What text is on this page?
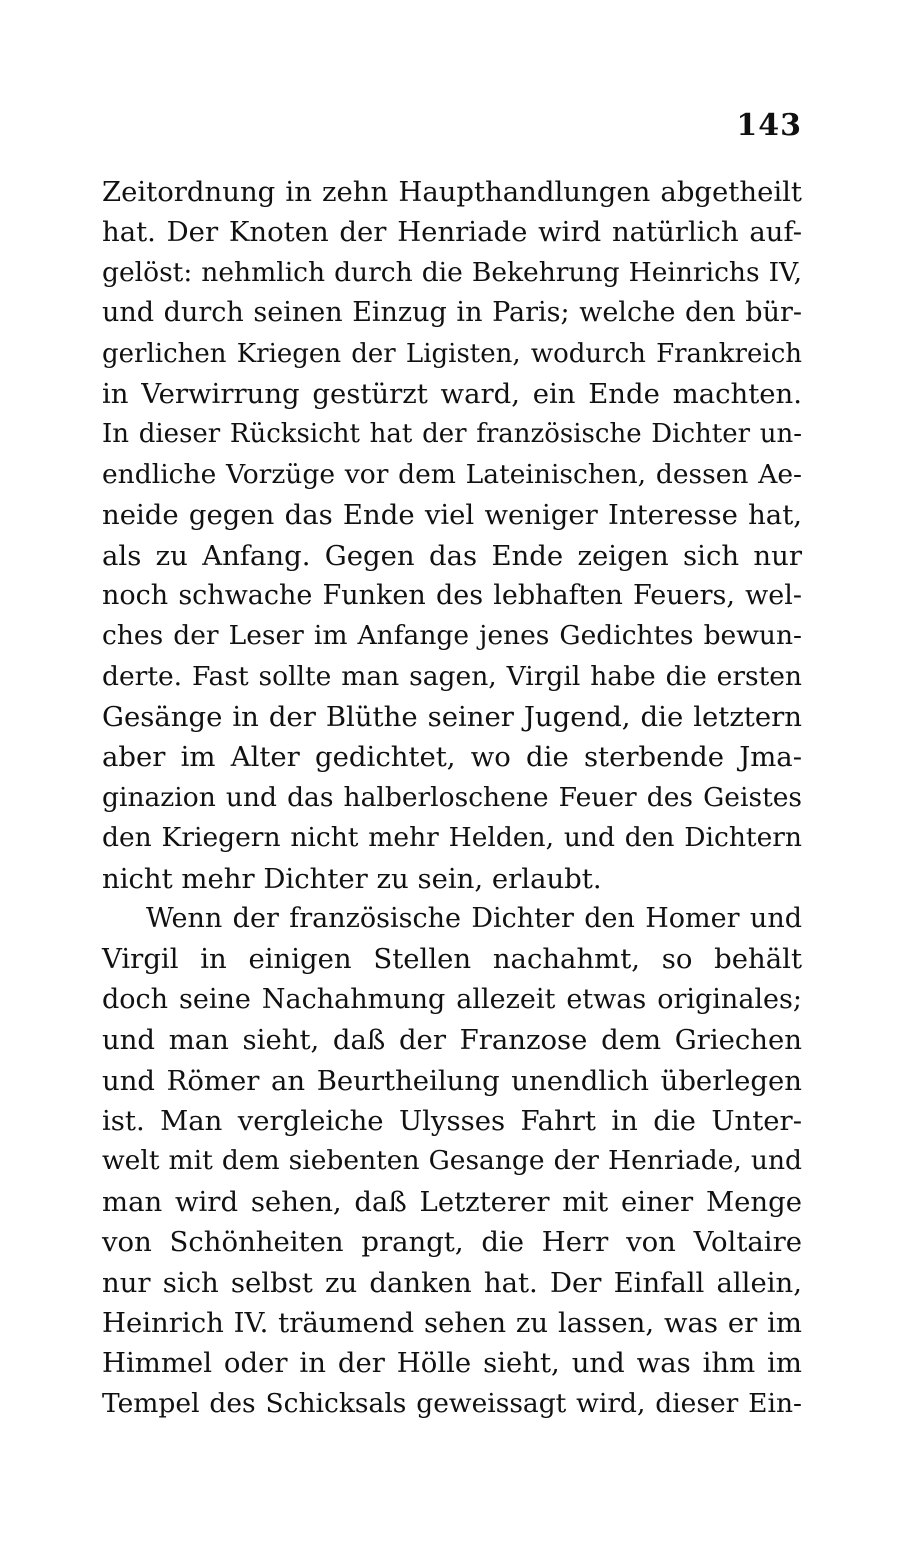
143
Zeitordnung in zehn Haupthandlungen abgetheilt
hat. Der Knoten der Henriade wird natürlich auf-
gelöst: nehmlich durch die Bekehrung Heinrichs IV,
und durch seinen Einzug in Paris; welche den bür-
gerlichen Kriegen der Ligisten, wodurch Frankreich
in Verwirrung gestürzt ward, ein Ende machten.
In dieser Rücksicht hat der französische Dichter un-
endliche Vorzüge vor dem Lateinischen, dessen Ae-
neide gegen das Ende viel weniger Interesse hat,
als zu Anfang. Gegen das Ende zeigen sich nur
noch schwache Funken des lebhaften Feuers, wel-
ches der Leser im Anfange jenes Gedichtes bewun-
derte. Fast sollte man sagen, Virgil habe die ersten
Gesänge in der Blüthe seiner Jugend, die letztern
aber im Alter gedichtet, wo die sterbende Jma-
ginazion und das halberloschene Feuer des Geistes
den Kriegern nicht mehr Helden, und den Dichtern
nicht mehr Dichter zu sein, erlaubt.
Wenn der französische Dichter den Homer und
Virgil in einigen Stellen nachahmt, so behält
doch seine Nachahmung allezeit etwas originales;
und man sieht, daß der Franzose dem Griechen
und Römer an Beurtheilung unendlich überlegen
ist. Man vergleiche Ulysses Fahrt in die Unter-
welt mit dem siebenten Gesange der Henriade, und
man wird sehen, daß Letzterer mit einer Menge
von Schönheiten prangt, die Herr von Voltaire
nur sich selbst zu danken hat. Der Einfall allein,
Heinrich IV. träumend sehen zu lassen, was er im
Himmel oder in der Hölle sieht, und was ihm im
Tempel des Schicksals geweissagt wird, dieser Ein-
